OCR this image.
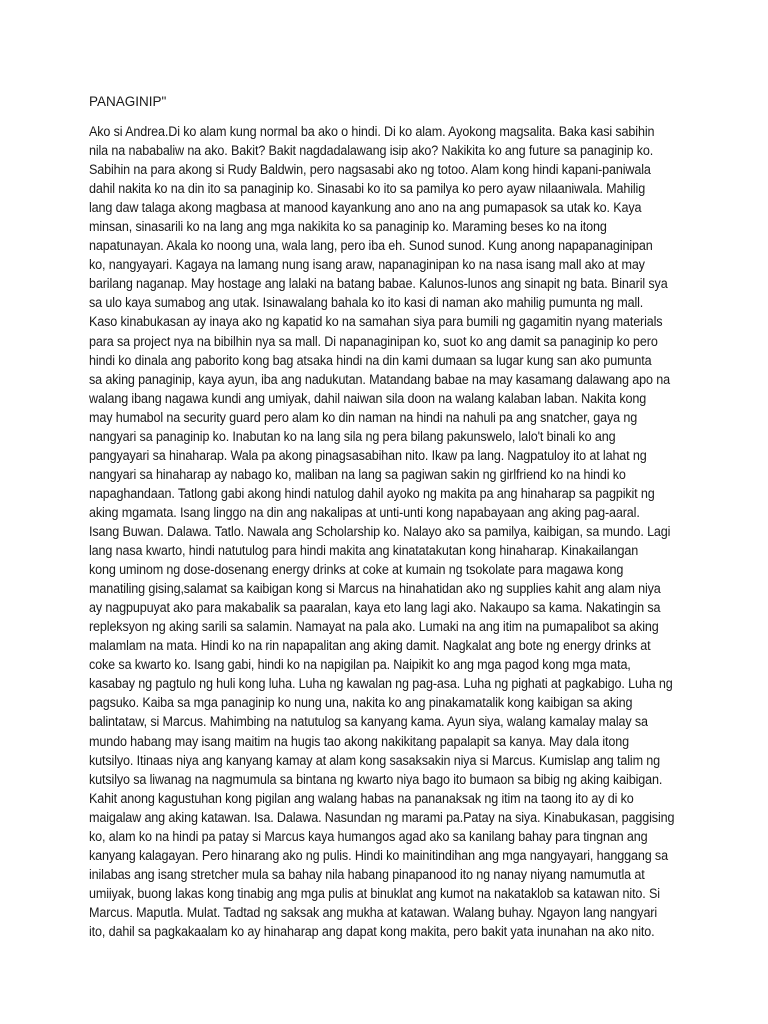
PANAGINIP"
Ako si Andrea.Di ko alam kung normal ba ako o hindi. Di ko alam. Ayokong magsalita. Baka kasi sabihin
nila na nababaliw na ako. Bakit? Bakit nagdadalawang isip ako? Nakikita ko ang future sa panaginip ko.
Sabihin na para akong si Rudy Baldwin, pero nagsasabi ako ng totoo. Alam kong hindi kapani-paniwala
dahil nakita ko na din ito sa panaginip ko. Sinasabi ko ito sa pamilya ko pero ayaw nilaaniwala. Mahilig
lang daw talaga akong magbasa at manood kayankung ano ano na ang pumapasok sa utak ko. Kaya
minsan, sinasarili ko na lang ang mga nakikita ko sa panaginip ko. Maraming beses ko na itong
napatunayan. Akala ko noong una, wala lang, pero iba eh. Sunod sunod. Kung anong napapanaginipan
ko, nangyayari. Kagaya na lamang nung isang araw, napanaginipan ko na nasa isang mall ako at may
barilang naganap. May hostage ang lalaki na batang babae. Kalunos-lunos ang sinapit ng bata. Binaril sya
sa ulo kaya sumabog ang utak. Isinawalang bahala ko ito kasi di naman ako mahilig pumunta ng mall.
Kaso kinabukasan ay inaya ako ng kapatid ko na samahan siya para bumili ng gagamitin nyang materials
para sa project nya na bibilhin nya sa mall. Di napanaginipan ko, suot ko ang damit sa panaginip ko pero
hindi ko dinala ang paborito kong bag atsaka hindi na din kami dumaan sa lugar kung san ako pumunta
sa aking panaginip, kaya ayun, iba ang nadukutan. Matandang babae na may kasamang dalawang apo na
walang ibang nagawa kundi ang umiyak, dahil naiwan sila doon na walang kalaban laban. Nakita kong
may humabol na security guard pero alam ko din naman na hindi na nahuli pa ang snatcher, gaya ng
nangyari sa panaginip ko. Inabutan ko na lang sila ng pera bilang pakunswelo, lalo't binali ko ang
pangyayari sa hinaharap. Wala pa akong pinagsasabihan nito. Ikaw pa lang. Nagpatuloy ito at lahat ng
nangyari sa hinaharap ay nabago ko, maliban na lang sa pagiwan sakin ng girlfriend ko na hindi ko
napaghandaan. Tatlong gabi akong hindi natulog dahil ayoko ng makita pa ang hinaharap sa pagpikit ng
aking mgamata. Isang linggo na din ang nakalipas at unti-unti kong napabayaan ang aking pag-aaral.
Isang Buwan. Dalawa. Tatlo. Nawala ang Scholarship ko. Nalayo ako sa pamilya, kaibigan, sa mundo. Lagi
lang nasa kwarto, hindi natutulog para hindi makita ang kinatatakutan kong hinaharap. Kinakailangan
kong uminom ng dose-dosenang energy drinks at coke at kumain ng tsokolate para magawa kong
manatiling gising,salamat sa kaibigan kong si Marcus na hinahatidan ako ng supplies kahit ang alam niya
ay nagpupuyat ako para makabalik sa paaralan, kaya eto lang lagi ako. Nakaupo sa kama. Nakatingin sa
repleksyon ng aking sarili sa salamin. Namayat na pala ako. Lumaki na ang itim na pumapalibot sa aking
malamlam na mata. Hindi ko na rin napapalitan ang aking damit. Nagkalat ang bote ng energy drinks at
coke sa kwarto ko. Isang gabi, hindi ko na napigilan pa. Naipikit ko ang mga pagod kong mga mata,
kasabay ng pagtulo ng huli kong luha. Luha ng kawalan ng pag-asa. Luha ng pighati at pagkabigo. Luha ng
pagsuko. Kaiba sa mga panaginip ko nung una, nakita ko ang pinakamatalik kong kaibigan sa aking
balintataw, si Marcus. Mahimbing na natutulog sa kanyang kama. Ayun siya, walang kamalay malay sa
mundo habang may isang maitim na hugis tao akong nakikitang papalapit sa kanya. May dala itong
kutsilyo. Itinaas niya ang kanyang kamay at alam kong sasaksakin niya si Marcus. Kumislap ang talim ng
kutsilyo sa liwanag na nagmumula sa bintana ng kwarto niya bago ito bumaon sa bibig ng aking kaibigan.
Kahit anong kagustuhan kong pigilan ang walang habas na pananaksak ng itim na taong ito ay di ko
maigalaw ang aking katawan. Isa. Dalawa. Nasundan ng marami pa.Patay na siya. Kinabukasan, paggising
ko, alam ko na hindi pa patay si Marcus kaya humangos agad ako sa kanilang bahay para tingnan ang
kanyang kalagayan. Pero hinarang ako ng pulis. Hindi ko mainitindihan ang mga nangyayari, hanggang sa
inilabas ang isang stretcher mula sa bahay nila habang pinapanood ito ng nanay niyang namumutla at
umiiyak, buong lakas kong tinabig ang mga pulis at binuklat ang kumot na nakataklob sa katawan nito. Si
Marcus. Maputla. Mulat. Tadtad ng saksak ang mukha at katawan. Walang buhay. Ngayon lang nangyari
ito, dahil sa pagkakaalam ko ay hinaharap ang dapat kong makita, pero bakit yata inunahan na ako nito.
